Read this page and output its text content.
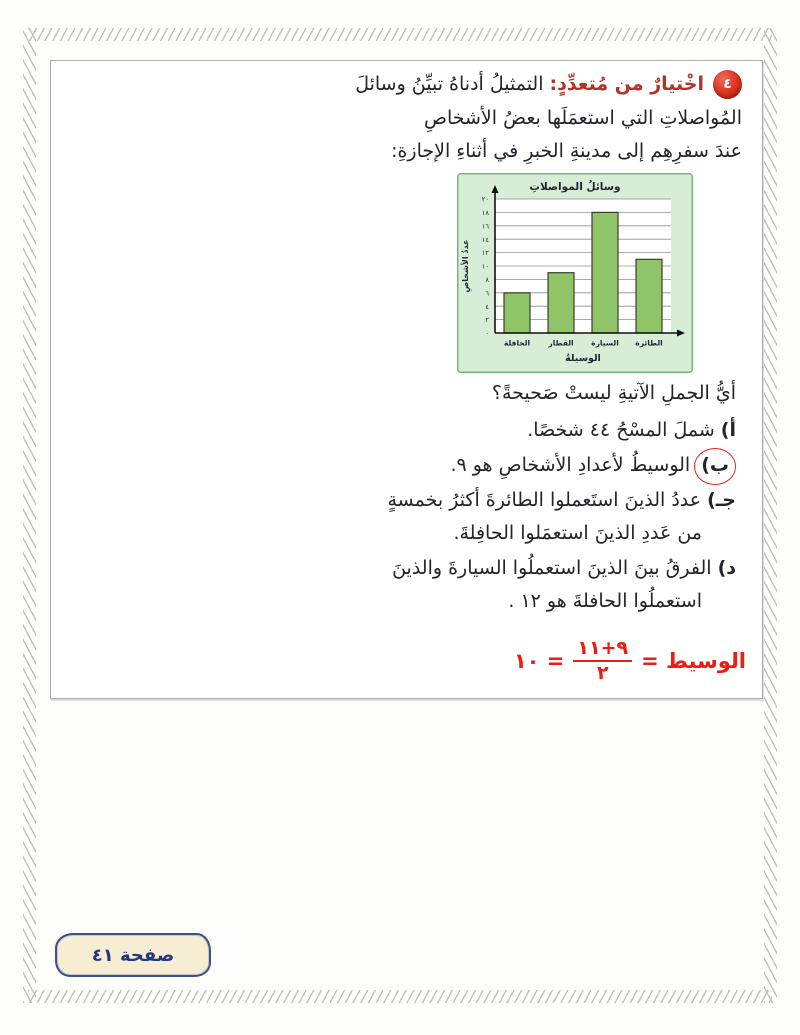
٤اخْتيارٌ من مُتعدِّدٍ: التمثيلُ أدناهُ تبيِّنُ وسائلَ
المُواصلاتِ التي استعمَلَها بعضُ الأشخاصِ
عندَ سفرِهِم إلى مدينةِ الخبرِ في أثناءِ الإجازةِ:
وسائلُ المواصلاتِ
٠
٢
٤
٦
٨
١٠
١٢
١٤
١٦
١٨
٢٠
الطائرة
السيارة
القطار
الحافلة
الوسيلةُ
عددُ الأشخاصِ
أيُّ الجملِ الآتيةِ ليستْ صَحيحةً؟
أ)شملَ المسْحُ ٤٤ شخصًا.
ب)الوسيطُ لأعدادِ الأشخاصِ هو ٩.
جـ)عددُ الذينَ استَعملوا الطائرةَ أكثرُ بخمسةٍ
من عَددِ الذينَ استعمَلوا الحافِلةَ.
د)الفرقُ بينَ الذينَ استعملُوا السيارةَ والذينَ
استعملُوا الحافلةَ هو ١٢ .
الوسيط =
$\frac{٩+١١}{٢}$
= ١٠
صفحة ٤١
